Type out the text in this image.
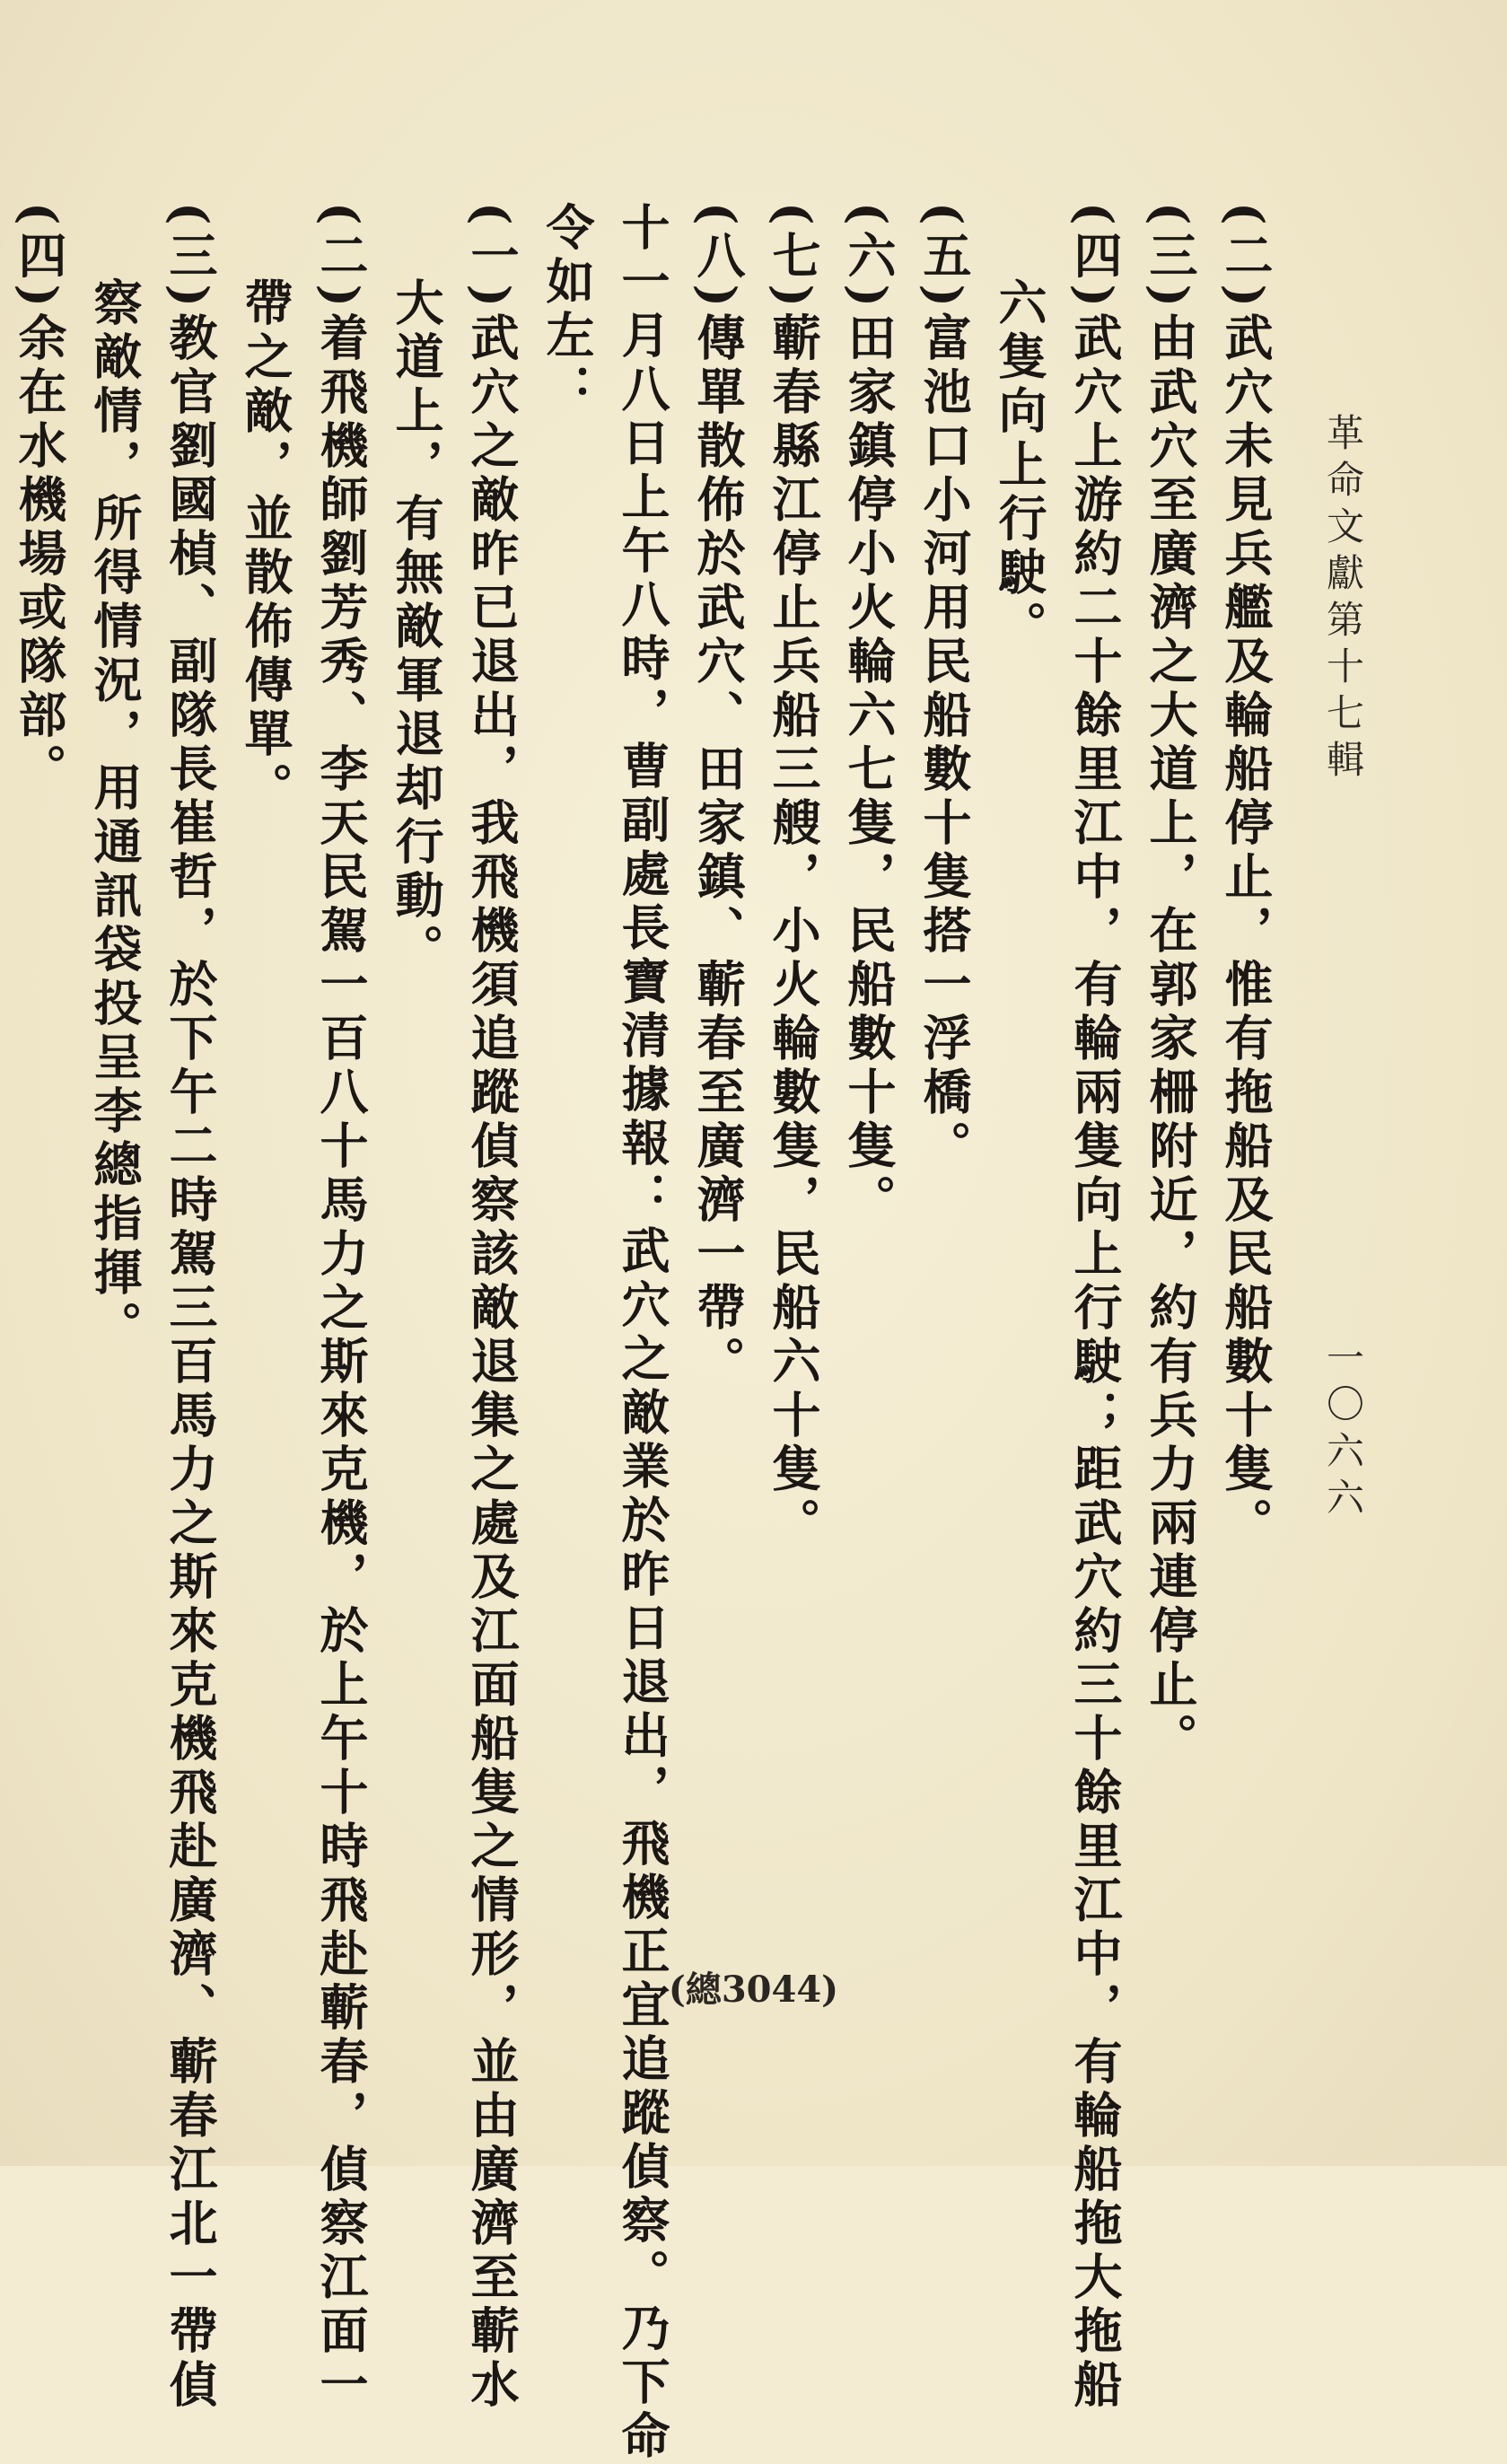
革命文獻第十七輯
一〇六六

(二)武穴未見兵艦及輪船停止，惟有拖船及民船數十隻。

(三)由武穴至廣濟之大道上，在郭家柵附近，約有兵力兩連停止。

(四)武穴上游約二十餘里江中，有輪兩隻向上行駛；距武穴約三十餘里江中，有輪船拖大拖船

六隻向上行駛。

(五)富池口小河用民船數十隻搭一浮橋。

(六)田家鎮停小火輪六七隻，民船數十隻。

(七)蘄春縣江停止兵船三艘，小火輪數隻，民船六十隻。

(八)傳單散佈於武穴、田家鎮、蘄春至廣濟一帶。

十一月八日上午八時，曹副處長寶清據報：武穴之敵業於昨日退出，飛機正宜追蹤偵察。乃下命

令如左：

(一)武穴之敵昨已退出，我飛機須追蹤偵察該敵退集之處及江面船隻之情形，並由廣濟至蘄水

大道上，有無敵軍退却行動。

(二)着飛機師劉芳秀、李天民駕一百八十馬力之斯來克機，於上午十時飛赴蘄春，偵察江面一

帶之敵，並散佈傳單。

(三)教官劉國楨、副隊長崔哲，於下午二時駕三百馬力之斯來克機飛赴廣濟、蘄春江北一帶偵

察敵情，所得情況，用通訊袋投呈李總指揮。

(四)余在水機場或隊部。

(總3044)
